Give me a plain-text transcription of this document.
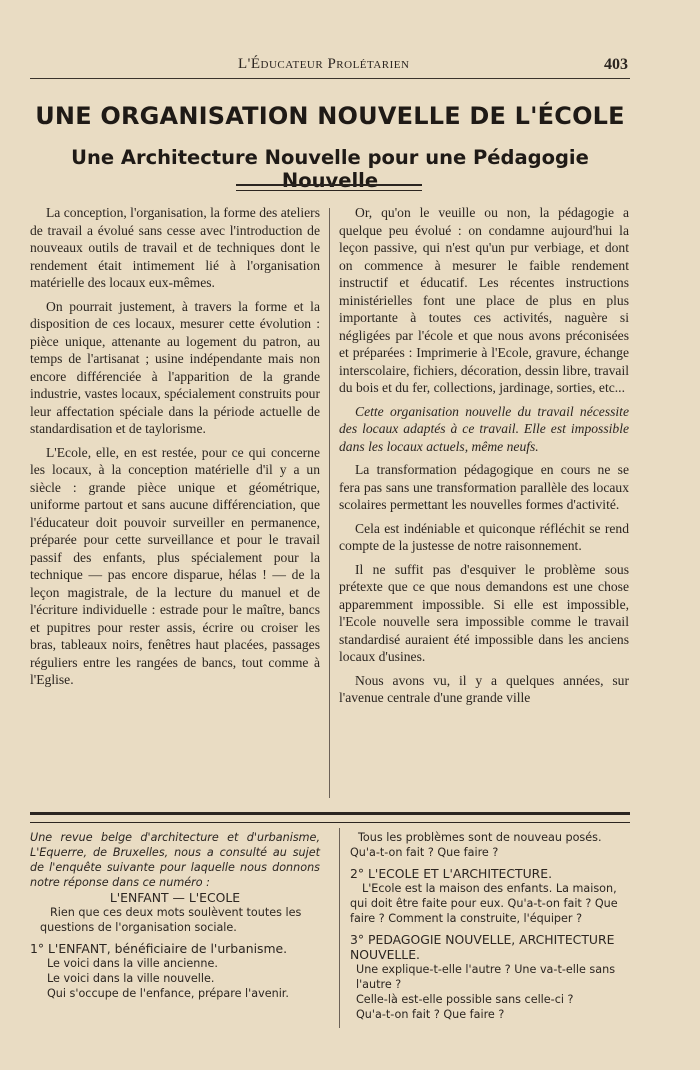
L'Éducateur Prolétarien	403
UNE ORGANISATION NOUVELLE DE L'ÉCOLE
Une Architecture Nouvelle pour une Pédagogie Nouvelle

La conception, l'organisation, la forme des ateliers de travail a évolué sans cesse avec l'introduction de nouveaux outils de travail et de techniques dont le rendement était intimement lié à l'organisation matérielle des locaux eux-mêmes.

On pourrait justement, à travers la forme et la disposition de ces locaux, mesurer cette évolution : pièce unique, attenante au logement du patron, au temps de l'artisanat ; usine indépendante mais non encore différenciée à l'apparition de la grande industrie, vastes locaux, spécialement construits pour leur affectation spéciale dans la période actuelle de standardisation et de taylorisme.

L'Ecole, elle, en est restée, pour ce qui concerne les locaux, à la conception matérielle d'il y a un siècle : grande pièce unique et géométrique, uniforme partout et sans aucune différenciation, que l'éducateur doit pouvoir surveiller en permanence, préparée pour cette surveillance et pour le travail passif des enfants, plus spécialement pour la technique — pas encore disparue, hélas ! — de la leçon magistrale, de la lecture du manuel et de l'écriture individuelle : estrade pour le maître, bancs et pupitres pour rester assis, écrire ou croiser les bras, tableaux noirs, fenêtres haut placées, passages réguliers entre les rangées de bancs, tout comme à l'Eglise.

Or, qu'on le veuille ou non, la pédagogie a quelque peu évolué : on condamne aujourd'hui la leçon passive, qui n'est qu'un pur verbiage, et dont on commence à mesurer le faible rendement instructif et éducatif. Les récentes instructions ministérielles font une place de plus en plus importante à toutes ces activités, naguère si négligées par l'école et que nous avons préconisées et préparées : Imprimerie à l'Ecole, gravure, échange interscolaire, fichiers, décoration, dessin libre, travail du bois et du fer, collections, jardinage, sorties, etc...

Cette organisation nouvelle du travail nécessite des locaux adaptés à ce travail. Elle est impossible dans les locaux actuels, même neufs.

La transformation pédagogique en cours ne se fera pas sans une transformation parallèle des locaux scolaires permettant les nouvelles formes d'activité.

Cela est indéniable et quiconque réfléchit se rend compte de la justesse de notre raisonnement.

Il ne suffit pas d'esquiver le problème sous prétexte que ce que nous demandons est une chose apparemment impossible. Si elle est impossible, l'Ecole nouvelle sera impossible comme le travail standardisé auraient été impossible dans les anciens locaux d'usines.

Nous avons vu, il y a quelques années, sur l'avenue centrale d'une grande ville

Une revue belge d'architecture et d'urbanisme, L'Equerre, de Bruxelles, nous a consulté au sujet de l'enquête suivante pour laquelle nous donnons notre réponse dans ce numéro :

L'ENFANT — L'ECOLE

Rien que ces deux mots soulèvent toutes les questions de l'organisation sociale.

1° L'ENFANT, bénéficiaire de l'urbanisme.

Le voici dans la ville ancienne.

Le voici dans la ville nouvelle.

Qui s'occupe de l'enfance, prépare l'avenir.

Tous les problèmes sont de nouveau posés. Qu'a-t-on fait ? Que faire ?

2° L'ECOLE ET L'ARCHITECTURE.

L'Ecole est la maison des enfants. La maison, qui doit être faite pour eux. Qu'a-t-on fait ? Que faire ? Comment la construite, l'équiper ?

3° PEDAGOGIE NOUVELLE, ARCHITECTURE NOUVELLE.

Une explique-t-elle l'autre ? Une va-t-elle sans l'autre ?

Celle-là est-elle possible sans celle-ci ?

Qu'a-t-on fait ? Que faire ?
